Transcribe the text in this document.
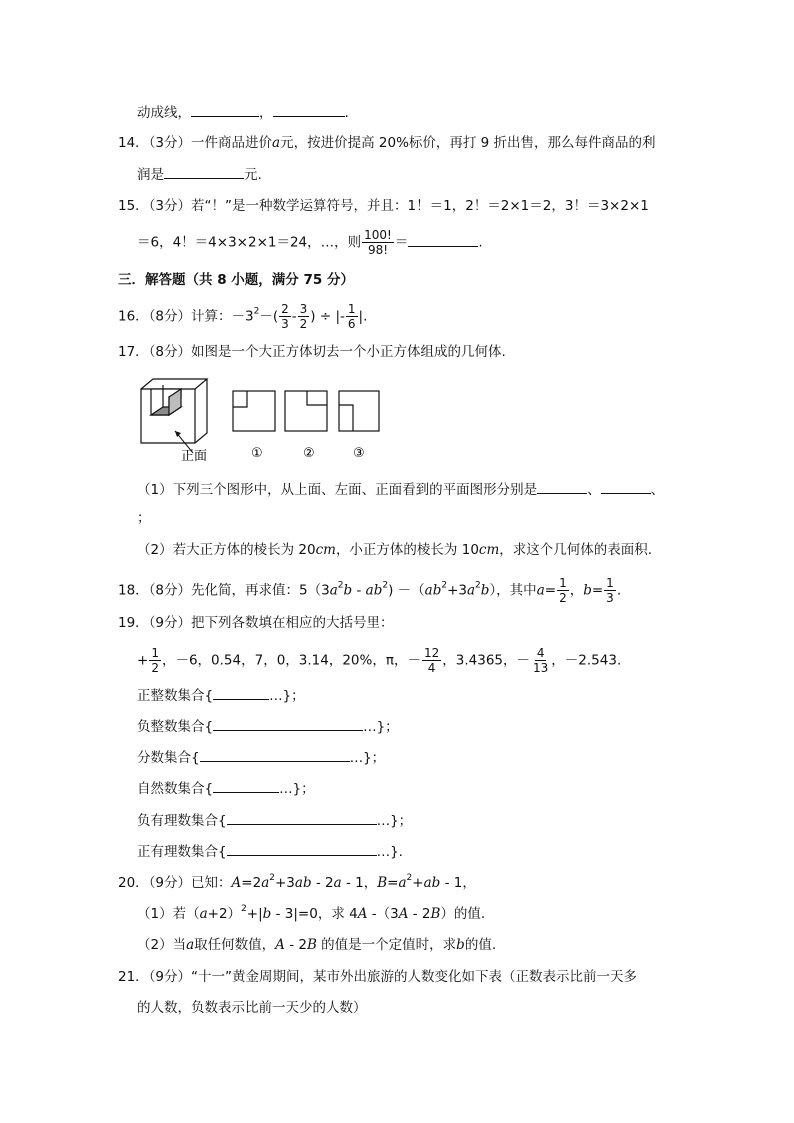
动成线，	，	.
14．（3分）一件商品进价a元，按进价提高 20%标价，再打 9 折出售，那么每件商品的利
润是	元.
15．（3分）若“！”是一种数学运算符号，并且：1！＝1，2！＝2×1＝2，3！＝3×2×1
＝6，4！＝4×3×2×1＝24，…，则 $\frac{100!}{98!}$ ＝	.
三．解答题（共 8 小题，满分 75 分）
16．（8分）计算：$-3^2-( \frac{2}{3} - \frac{3}{2}$ ) ÷ |- $\frac{1}{6}$ |.
17．（8分）如图是一个大正方体切去一个小正方体组成的几何体.
正面	①	②	③
（1）下列三个图形中，从上面、左面、正面看到的平面图形分别是	、	、
；
（2）若大正方体的棱长为 20cm，小正方体的棱长为 10cm，求这个几何体的表面积.
18．（8分）先化简，再求值：$5(3a^2b - ab^2) -(ab^2+3a^2b)$，其中$a= \frac{1}{2}$ ，$b= \frac{1}{3}$ .
19．（9分）把下列各数填在相应的大括号里：
+ $\frac{1}{2}$ ，－6，0.54，7，0，3.14，20%，π，－ $\frac{12}{4}$ ，3.4365，－ $\frac{4}{13}$ ，－2.543.
正整数集合{	…}；
负整数集合{	…}；
分数集合{	…}；
自然数集合{	…}；
负有理数集合{	…}；
正有理数集合{	…}.
20．（9分）已知：$A=2a^2+3ab - 2a - 1$，$B=a^2+ab - 1$，
（1）若$(a+2)^2+|b - 3|=0$，求 4A -（3A - 2B）的值.
（2）当a取任何数值，A - 2B 的值是一个定值时，求b的值.
21．（9分）“十一”黄金周期间，某市外出旅游的人数变化如下表（正数表示比前一天多
的人数，负数表示比前一天少的人数）
